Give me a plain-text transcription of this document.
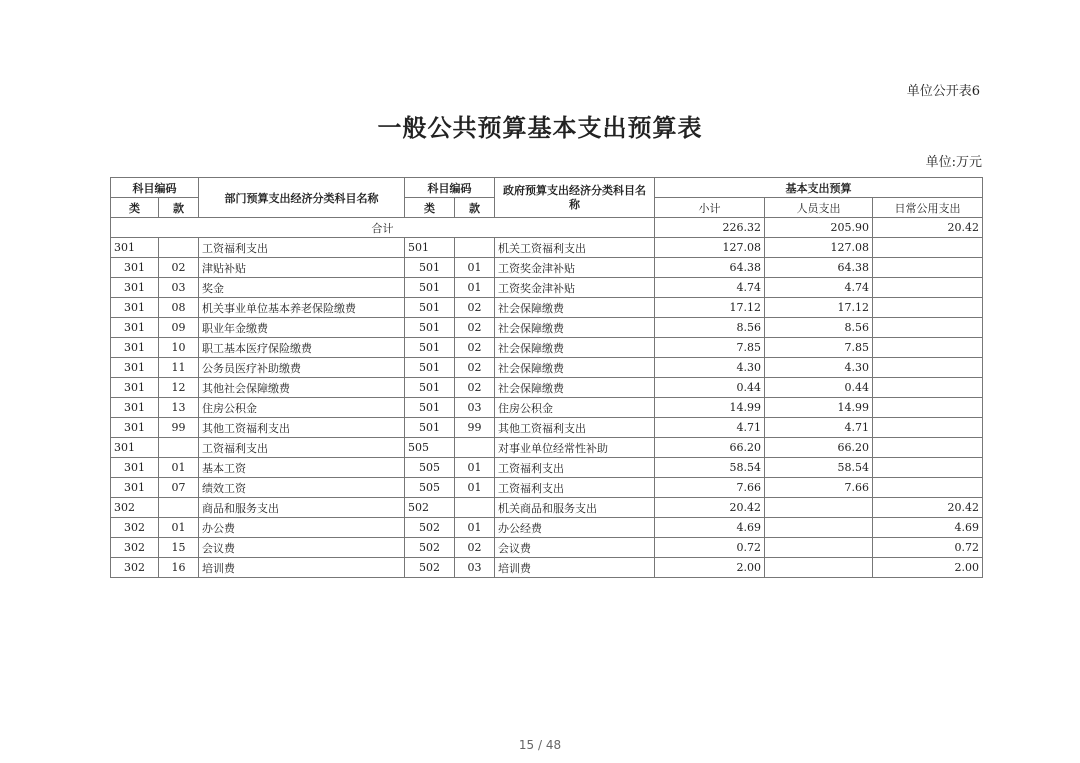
单位公开表6
一般公共预算基本支出预算表
单位:万元
科目编码		部门预算支出经济分类科目名称	科目编码		政府预算支出经济分类科目名称	基本支出预算		
类	款		类	款		小计	人员支出	日常公用支出
合计						226.32	205.90	20.42
301		工资福利支出	501		机关工资福利支出	127.08	127.08	
301	02	津贴补贴	501	01	工资奖金津补贴	64.38	64.38	
301	03	奖金	501	01	工资奖金津补贴	4.74	4.74	
301	08	机关事业单位基本养老保险缴费	501	02	社会保障缴费	17.12	17.12	
301	09	职业年金缴费	501	02	社会保障缴费	8.56	8.56	
301	10	职工基本医疗保险缴费	501	02	社会保障缴费	7.85	7.85	
301	11	公务员医疗补助缴费	501	02	社会保障缴费	4.30	4.30	
301	12	其他社会保障缴费	501	02	社会保障缴费	0.44	0.44	
301	13	住房公积金	501	03	住房公积金	14.99	14.99	
301	99	其他工资福利支出	501	99	其他工资福利支出	4.71	4.71	
301		工资福利支出	505		对事业单位经常性补助	66.20	66.20	
301	01	基本工资	505	01	工资福利支出	58.54	58.54	
301	07	绩效工资	505	01	工资福利支出	7.66	7.66	
302		商品和服务支出	502		机关商品和服务支出	20.42		20.42
302	01	办公费	502	01	办公经费	4.69		4.69
302	15	会议费	502	02	会议费	0.72		0.72
302	16	培训费	502	03	培训费	2.00		2.00
15 / 48
